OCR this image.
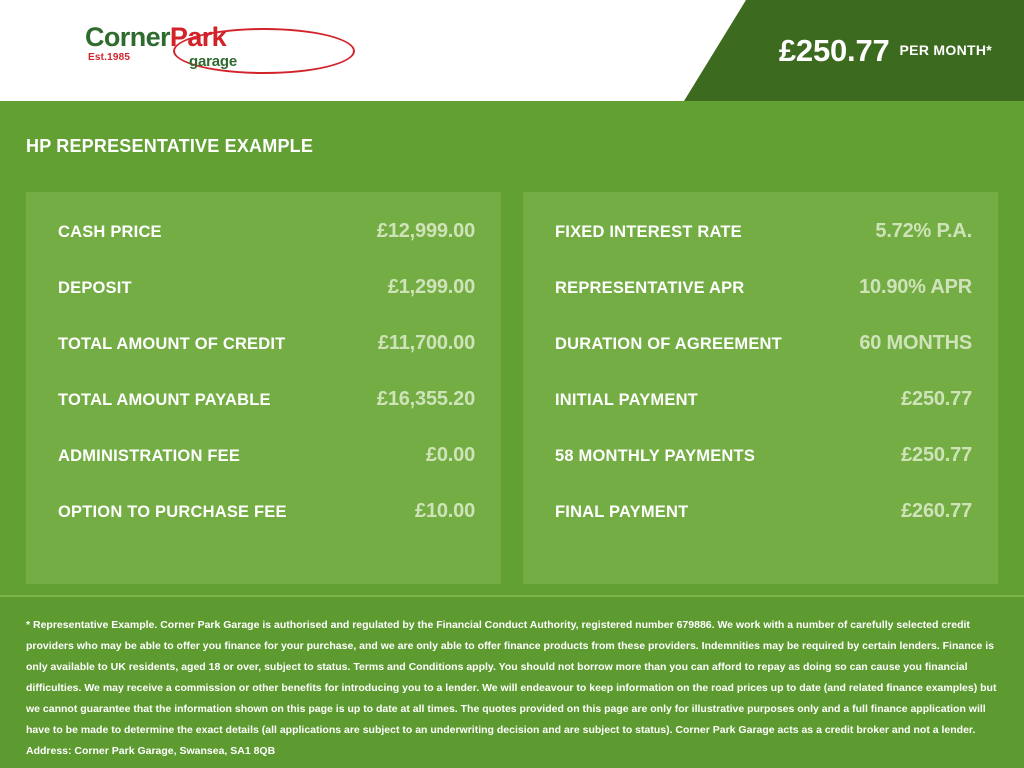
CornerPark
Est.1985	garage	£250.77 PER MONTH*
HP REPRESENTATIVE EXAMPLE
CASH PRICE	£12,999.00
DEPOSIT	£1,299.00
TOTAL AMOUNT OF CREDIT	£11,700.00
TOTAL AMOUNT PAYABLE	£16,355.20
ADMINISTRATION FEE	£0.00
OPTION TO PURCHASE FEE	£10.00
FIXED INTEREST RATE	5.72% P.A.
REPRESENTATIVE APR	10.90% APR
DURATION OF AGREEMENT	60 MONTHS
INITIAL PAYMENT	£250.77
58 MONTHLY PAYMENTS	£250.77
FINAL PAYMENT	£260.77
* Representative Example. Corner Park Garage is authorised and regulated by the Financial Conduct Authority, registered number 679886. We work with a number of carefully selected credit providers who may be able to offer you finance for your purchase, and we are only able to offer finance products from these providers. Indemnities may be required by certain lenders. Finance is only available to UK residents, aged 18 or over, subject to status. Terms and Conditions apply. You should not borrow more than you can afford to repay as doing so can cause you financial difficulties. We may receive a commission or other benefits for introducing you to a lender. We will endeavour to keep information on the road prices up to date (and related finance examples) but we cannot guarantee that the information shown on this page is up to date at all times. The quotes provided on this page are only for illustrative purposes only and a full finance application will have to be made to determine the exact details (all applications are subject to an underwriting decision and are subject to status). Corner Park Garage acts as a credit broker and not a lender. Address: Corner Park Garage, Swansea, SA1 8QB
